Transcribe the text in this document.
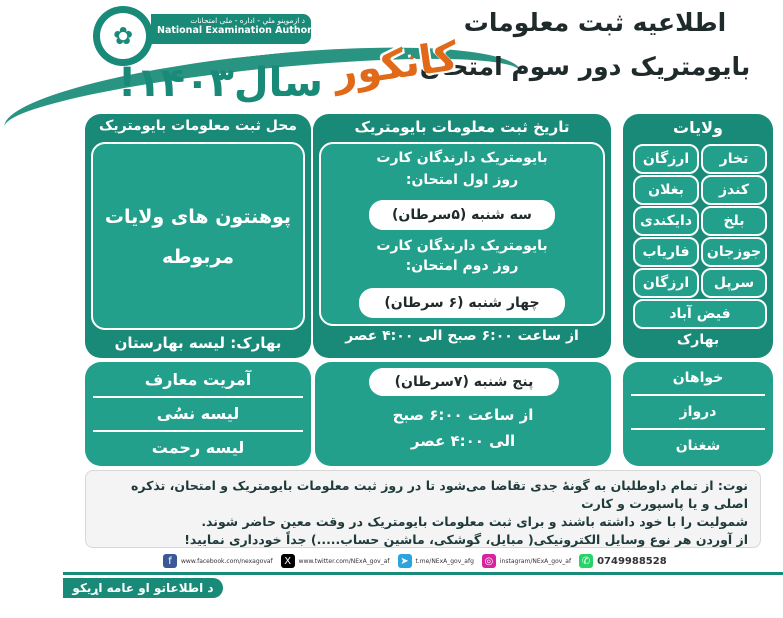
✿
د ازموینو ملي - اداره - ملی امتحانات
National Examination Authority	اطلاعیه ثبت معلومات
بایومتریک دور سوم امتحان
کانکور
سال۱۴۰۳!
ولایات
تخار
ارزگان
کندز
بغلان
بلخ
دایکندی
جوزجان
فاریاب
سرپل
ارزگان
فیض آباد
بهارک
تاریخ ثبت معلومات بایومتریک
بایومتریک دارندگان کارت
روز اول امتحان:
سه شنبه (۵سرطان)
بایومتریک دارندگان کارت
روز دوم امتحان:
چهار شنبه (۶ سرطان)
از ساعت ۶:۰۰ صبح الی ۴:۰۰ عصر
محل ثبت معلومات بایومتریک
پوهنتون های ولایات
مربوطه
بهارک: لیسه بهارستان
آمریت معارف
لیسه نسُی
لیسه رحمت
پنج شنبه (۷سرطان)
از ساعت ۶:۰۰ صبح
الی ۴:۰۰ عصر
خواهان
درواز
شغنان
نوت: از تمام داوطلبان به گونهٔ جدی تقاضا می‌شود تا در روز ثبت معلومات بایومتریک و امتحان، تذکره اصلی و یا پاسپورت و کارت
شمولیت را با خود داشته باشند و برای ثبت معلومات بایومتریک در وقت معین حاضر شوند.
از آوردن هر نوع وسایل الکترونیکی( مبایل، گوشکی، ماشین حساب.....) جداً خودداری نمایید!
f	www.facebook.com/nexagovaf	X	www.twitter.com/NExA_gov_af ➤	t.me/NExA_gov_afg ◎	instagram/NExA_gov_af ✆ 0749988528
د اطلاعاتو او عامه اړیکو آمریت
